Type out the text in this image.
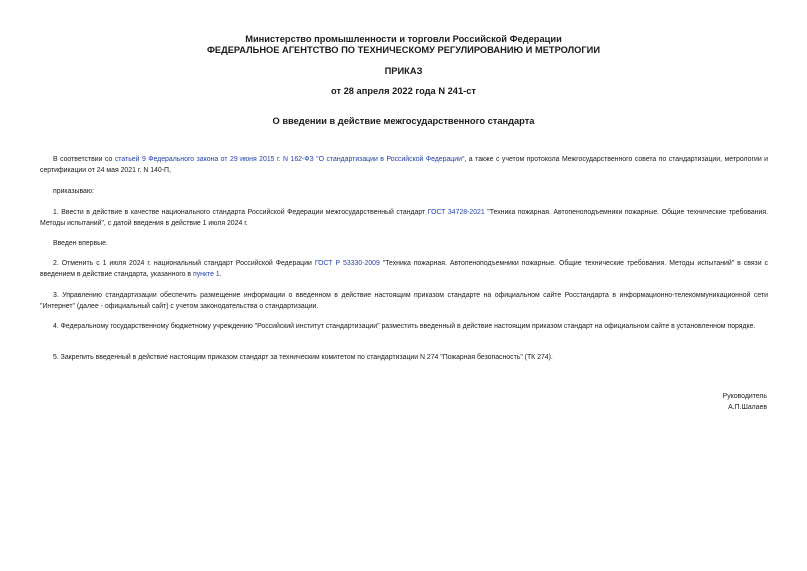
Министерство промышленности и торговли Российской Федерации
ФЕДЕРАЛЬНОЕ АГЕНТСТВО ПО ТЕХНИЧЕСКОМУ РЕГУЛИРОВАНИЮ И МЕТРОЛОГИИ
ПРИКАЗ
от 28 апреля 2022 года N 241-ст
О введении в действие межгосударственного стандарта
В соответствии со статьей 9 Федерального закона от 29 июня 2015 г. N 162-ФЗ "О стандартизации в Российской Федерации", а также с учетом протокола Межгосударственного совета по стандартизации, метрологии и сертификации от 24 мая 2021 г. N 140-П,
приказываю:
1. Ввести в действие в качестве национального стандарта Российской Федерации межгосударственный стандарт ГОСТ 34728-2021 "Техника пожарная. Автопеноподъемники пожарные. Общие технические требования. Методы испытаний", с датой введения в действие 1 июля 2024 г.
Введен впервые.
2. Отменить с 1 июля 2024 г. национальный стандарт Российской Федерации ГОСТ Р 53330-2009 "Техника пожарная. Автопеноподъемники пожарные. Общие технические требования. Методы испытаний" в связи с введением в действие стандарта, указанного в пункте 1.
3. Управлению стандартизации обеспечить размещение информации о введенном в действие настоящим приказом стандарте на официальном сайте Росстандарта в информационно-телекоммуникационной сети "Интернет" (далее - официальный сайт) с учетом законодательства о стандартизации.
4. Федеральному государственному бюджетному учреждению "Российский институт стандартизации" разместить введенный в действие настоящим приказом стандарт на официальном сайте в установленном порядке.
5. Закрепить введенный в действие настоящим приказом стандарт за техническим комитетом по стандартизации N 274 "Пожарная безопасность" (ТК 274).
Руководитель
А.П.Шалаев
